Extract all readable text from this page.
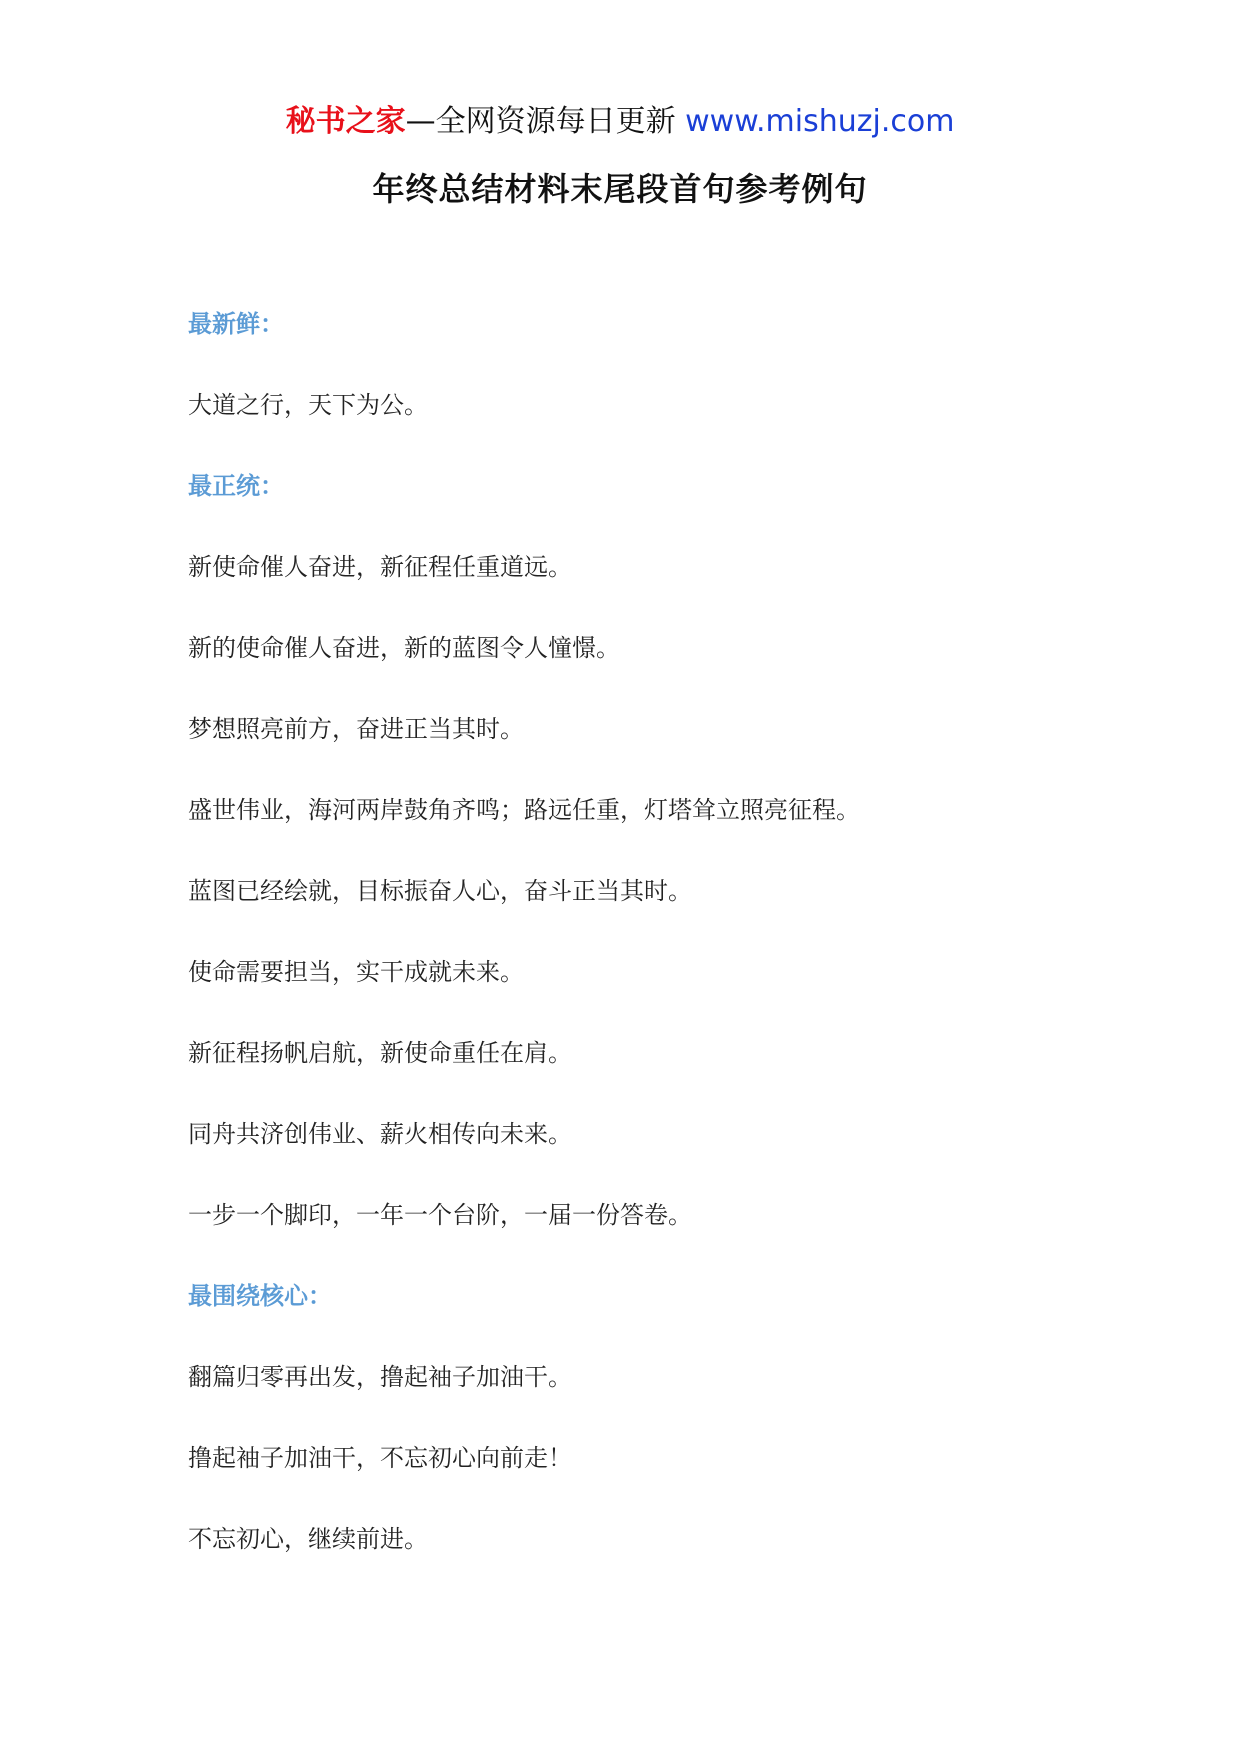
秘书之家—全网资源每日更新 www.mishuzj.com
年终总结材料末尾段首句参考例句
最新鲜：
大道之行，天下为公。
最正统：
新使命催人奋进，新征程任重道远。
新的使命催人奋进，新的蓝图令人憧憬。
梦想照亮前方，奋进正当其时。
盛世伟业，海河两岸鼓角齐鸣；路远任重，灯塔耸立照亮征程。
蓝图已经绘就，目标振奋人心，奋斗正当其时。
使命需要担当，实干成就未来。
新征程扬帆启航，新使命重任在肩。
同舟共济创伟业、薪火相传向未来。
一步一个脚印，一年一个台阶，一届一份答卷。
最围绕核心：
翻篇归零再出发，撸起袖子加油干。
撸起袖子加油干，不忘初心向前走！
不忘初心，继续前进。
